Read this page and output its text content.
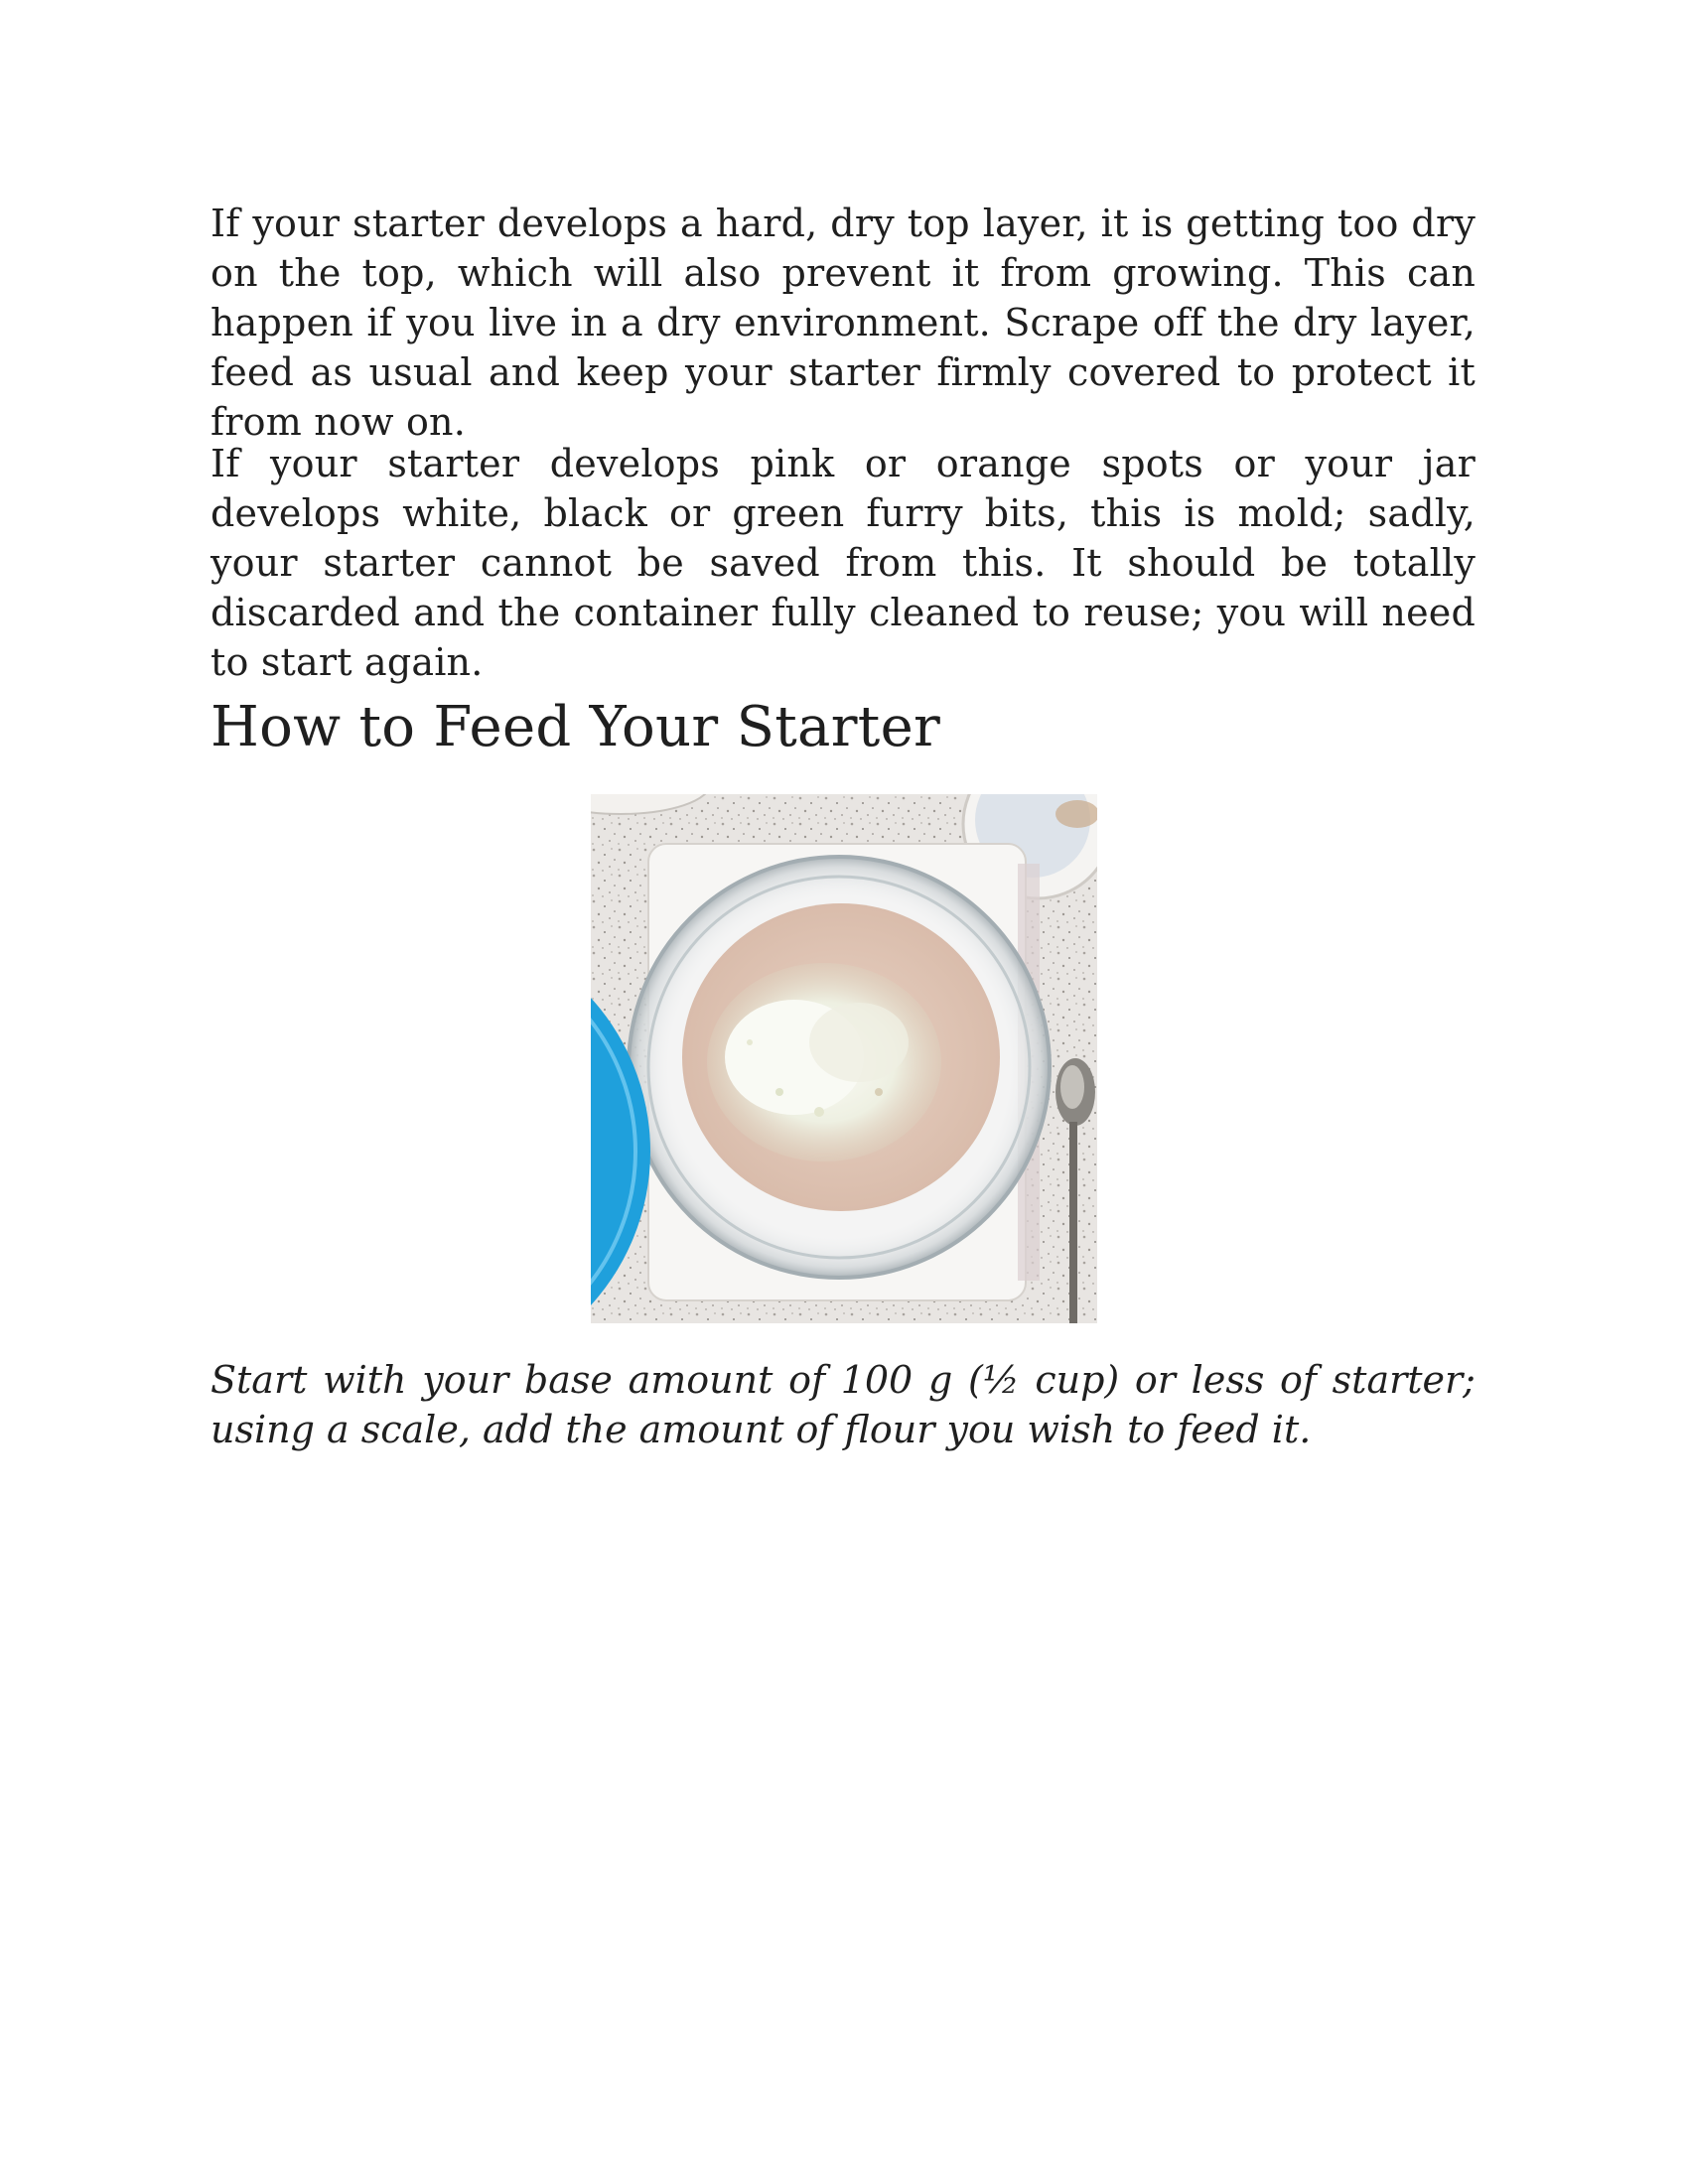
If your starter develops a hard, dry top layer, it is getting too dry on the top, which will also prevent it from growing. This can happen if you live in a dry environment. Scrape off the dry layer, feed as usual and keep your starter firmly covered to protect it from now on.

If your starter develops pink or orange spots or your jar develops white, black or green furry bits, this is mold; sadly, your starter cannot be saved from this. It should be totally discarded and the container fully cleaned to reuse; you will need to start again.

How to Feed Your Starter

Start with your base amount of 100 g (½ cup) or less of starter; using a scale, add the amount of flour you wish to feed it.
